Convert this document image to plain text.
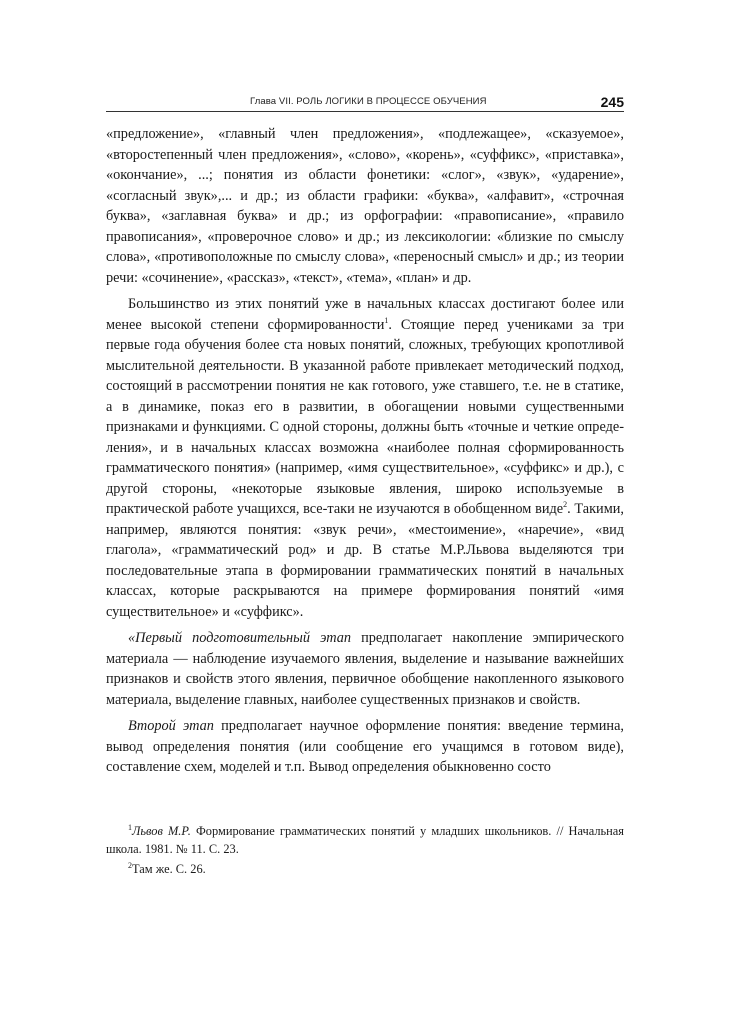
Глава VII. РОЛЬ ЛОГИКИ В ПРОЦЕССЕ ОБУЧЕНИЯ	245

«предложение», «главный член предложения», «подлежащее», «сказуемое», «второстепенный член предложения», «слово», «корень», «суффикс», «приставка», «окончание», ...; понятия из области фонетики: «слог», «звук», «ударение», «согласный звук»,... и др.; из области графики: «буква», «алфавит», «строчная буква», «заглавная буква» и др.; из орфографии: «правописание», «правило правописания», «проверочное слово» и др.; из лексикологии: «близкие по смыслу слова», «противоположные по смыслу слова», «переносный смысл» и др.; из теории речи: «сочинение», «рассказ», «текст», «тема», «план» и др.

Большинство из этих понятий уже в начальных классах достигают более или менее высокой степени сформированности$^1$. Стоящие перед учениками за три первые года обучения более ста новых понятий, сложных, требующих кропотливой мыслительной деятельности. В указанной работе привлекает методический подход, состоящий в рассмотрении понятия не как готового, уже ставшего, т.е. не в статике, а в динамике, показ его в развитии, в обогащении новыми существенными признаками и функциями. С одной стороны, должны быть «точные и четкие определения», и в начальных классах возможна «наиболее полная сформированность грамматического понятия» (например, «имя существительное», «суффикс» и др.), с другой стороны, «некоторые языковые явления, широко используемые в практической работе учащихся, все-таки не изучаются в обобщенном виде$^2$. Такими, например, являются понятия: «звук речи», «местоимение», «наречие», «вид глагола», «грамматический род» и др. В статье М.Р.Львова выделяются три последовательные этапа в формировании грамматических понятий в начальных классах, которые раскрываются на примере формирования понятий «имя существительное» и «суффикс».

«Первый подготовительный этап предполагает накопление эмпирического материала — наблюдение изучаемого явления, выделение и называние важнейших признаков и свойств этого явления, первичное обобщение накопленного языкового материала, выделение главных, наиболее существенных признаков и свойств.

Второй этап предполагает научное оформление понятия: введение термина, вывод определения понятия (или сообщение его учащимся в готовом виде), составление схем, моделей и т.п. Вывод определения обыкновенно состо

$^1$Львов М.Р. Формирование грамматических понятий у младших школьников. // Начальная школа. 1981. № 11. С. 23.

$^2$Там же. С. 26.
